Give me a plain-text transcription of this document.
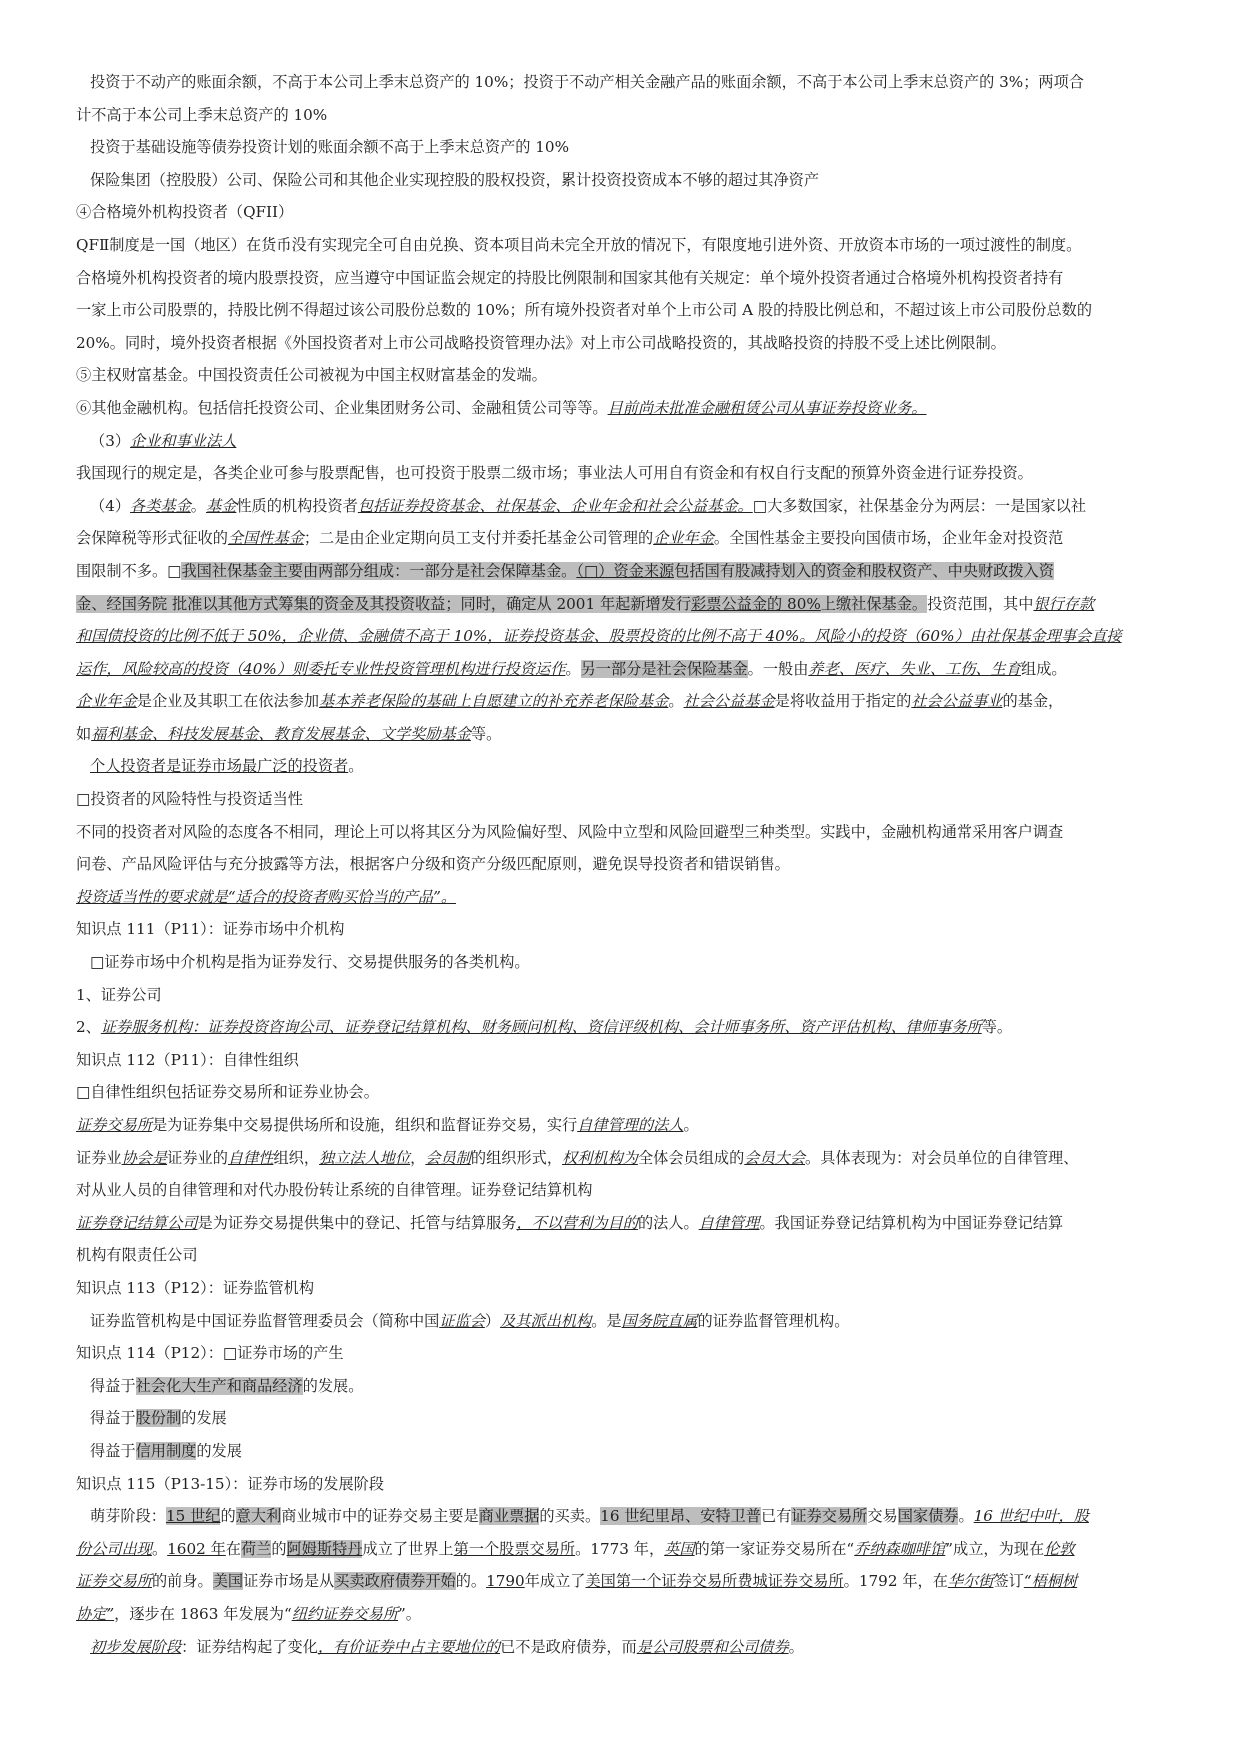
投资于不动产的账面余额，不高于本公司上季末总资产的 10%；投资于不动产相关金融产品的账面余额，不高于本公司上季末总资产的 3%；两项合

计不高于本公司上季末总资产的 10%

投资于基础设施等债券投资计划的账面余额不高于上季末总资产的 10%

保险集团（控股股）公司、保险公司和其他企业实现控股的股权投资，累计投资投资成本不够的超过其净资产

④合格境外机构投资者（QFII）

QFⅡ制度是一国（地区）在货币没有实现完全可自由兑换、资本项目尚未完全开放的情况下，有限度地引进外资、开放资本市场的一项过渡性的制度。

合格境外机构投资者的境内股票投资，应当遵守中国证监会规定的持股比例限制和国家其他有关规定：单个境外投资者通过合格境外机构投资者持有

一家上市公司股票的，持股比例不得超过该公司股份总数的 10%；所有境外投资者对单个上市公司 A 股的持股比例总和，不超过该上市公司股份总数的

20%。同时，境外投资者根据《外国投资者对上市公司战略投资管理办法》对上市公司战略投资的，其战略投资的持股不受上述比例限制。

⑤主权财富基金。中国投资责任公司被视为中国主权财富基金的发端。

⑥其他金融机构。包括信托投资公司、企业集团财务公司、金融租赁公司等等。目前尚未批准金融租赁公司从事证券投资业务。

（3）企业和事业法人

我国现行的规定是，各类企业可参与股票配售，也可投资于股票二级市场；事业法人可用自有资金和有权自行支配的预算外资金进行证券投资。

（4）各类基金。基金性质的机构投资者包括证券投资基金、社保基金、企业年金和社会公益基金。□大多数国家，社保基金分为两层：一是国家以社

会保障税等形式征收的全国性基金；二是由企业定期向员工支付并委托基金公司管理的企业年金。全国性基金主要投向国债市场，企业年金对投资范

围限制不多。□我国社保基金主要由两部分组成：一部分是社会保障基金。（□）资金来源包括国有股减持划入的资金和股权资产、中央财政拨入资

金、经国务院 批准以其他方式筹集的资金及其投资收益；同时，确定从 2001 年起新增发行彩票公益金的 80%上缴社保基金。投资范围，其中银行存款

和国债投资的比例不低于 50%，企业债、金融债不高于 10%，证券投资基金、股票投资的比例不高于 40%。风险小的投资（60%）由社保基金理事会直接

运作，风险较高的投资（40%）则委托专业性投资管理机构进行投资运作。另一部分是社会保险基金。一般由养老、医疗、失业、工伤、生育组成。

企业年金是企业及其职工在依法参加基本养老保险的基础上自愿建立的补充养老保险基金。社会公益基金是将收益用于指定的社会公益事业的基金，

如福利基金、科技发展基金、教育发展基金、文学奖励基金等。

个人投资者是证券市场最广泛的投资者。

□投资者的风险特性与投资适当性

不同的投资者对风险的态度各不相同，理论上可以将其区分为风险偏好型、风险中立型和风险回避型三种类型。实践中，金融机构通常采用客户调查

问卷、产品风险评估与充分披露等方法，根据客户分级和资产分级匹配原则，避免误导投资者和错误销售。

投资适当性的要求就是“适合的投资者购买恰当的产品”。

知识点 111（P11）：证券市场中介机构

□证券市场中介机构是指为证券发行、交易提供服务的各类机构。

1、证券公司

2、证券服务机构：证券投资咨询公司、证券登记结算机构、财务顾问机构、资信评级机构、会计师事务所、资产评估机构、律师事务所等。

知识点 112（P11）：自律性组织

□自律性组织包括证券交易所和证券业协会。

证券交易所是为证券集中交易提供场所和设施，组织和监督证券交易，实行自律管理的法人。

证券业协会是证券业的自律性组织，独立法人地位，会员制的组织形式，权利机构为全体会员组成的会员大会。具体表现为：对会员单位的自律管理、

对从业人员的自律管理和对代办股份转让系统的自律管理。证券登记结算机构

证券登记结算公司是为证券交易提供集中的登记、托管与结算服务，不以营利为目的的法人。自律管理。我国证券登记结算机构为中国证券登记结算

机构有限责任公司

知识点 113（P12）：证券监管机构

证券监管机构是中国证券监督管理委员会（简称中国证监会）及其派出机构。是国务院直属的证券监督管理机构。

知识点 114（P12）：□证券市场的产生

得益于社会化大生产和商品经济的发展。

得益于股份制的发展

得益于信用制度的发展

知识点 115（P13-15）：证券市场的发展阶段

萌芽阶段：15 世纪的意大利商业城市中的证券交易主要是商业票据的买卖。16 世纪里昂、安特卫普已有证券交易所交易国家债券。16 世纪中叶，股

份公司出现。1602 年在荷兰的阿姆斯特丹成立了世界上第一个股票交易所。1773 年，英国的第一家证券交易所在“乔纳森咖啡馆”成立，为现在伦敦

证券交易所的前身。美国证券市场是从买卖政府债券开始的。1790年成立了美国第一个证券交易所费城证券交易所。1792 年，在华尔街签订“梧桐树

协定”，逐步在 1863 年发展为“纽约证券交易所”。

初步发展阶段：证券结构起了变化，有价证券中占主要地位的已不是政府债券，而是公司股票和公司债券。
